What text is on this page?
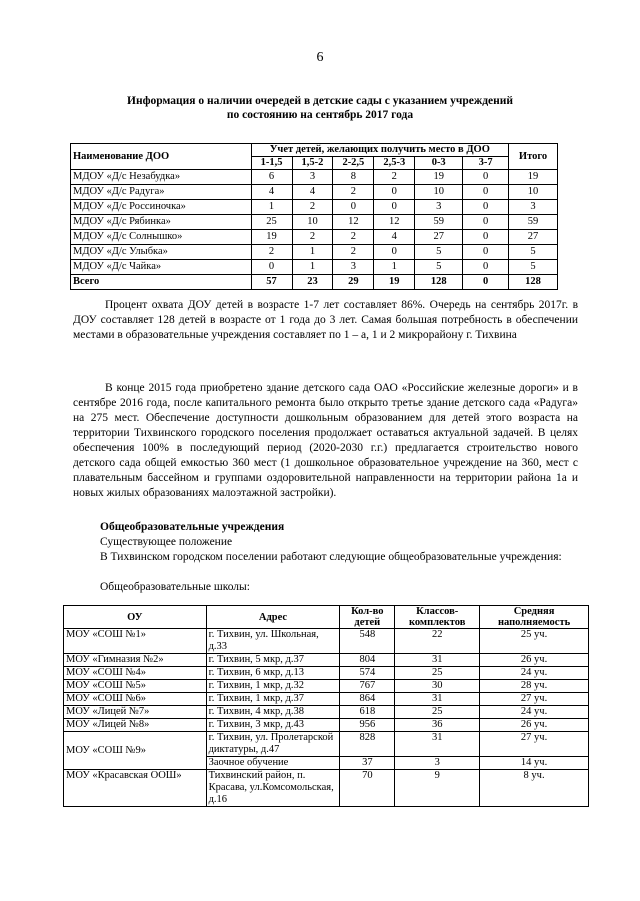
6
Информация о наличии очередей в детские сады с указанием учреждений
по состоянию на сентябрь 2017 года
Наименование ДОО	Учет детей, желающих получить место в ДОО						Итого
	1-1,5	1,5-2	2-2,5	2,5-3	0-3	3-7	
МДОУ «Д/с Незабудка»	6	3	8	2	19	0	19
МДОУ «Д/с Радуга»	4	4	2	0	10	0	10
МДОУ «Д/с Россиночка»	1	2	0	0	3	0	3
МДОУ «Д/с Рябинка»	25	10	12	12	59	0	59
МДОУ «Д/с Солнышко»	19	2	2	4	27	0	27
МДОУ «Д/с Улыбка»	2	1	2	0	5	0	5
МДОУ «Д/с Чайка»	0	1	3	1	5	0	5
Всего	57	23	29	19	128	0	128

Процент охвата ДОУ детей в возрасте 1-7 лет составляет 86%. Очередь на сентябрь 2017г. в ДОУ составляет 128 детей в возрасте от 1 года до 3 лет. Самая большая потребность в обеспечении местами в образовательные учреждения составляет по 1 – а, 1 и 2 микрорайону г. Тихвина

В конце 2015 года приобретено здание детского сада ОАО «Российские железные дороги» и в сентябре 2016 года, после капитального ремонта было открыто третье здание детского сада «Радуга» на 275 мест. Обеспечение доступности дошкольным образованием для детей этого возраста на территории Тихвинского городского поселения продолжает оставаться актуальной задачей. В целях обеспечения 100% в последующий период (2020-2030 г.г.) предлагается строительство нового детского сада общей емкостью 360 мест (1 дошкольное образовательное учреждение на 360, мест с плавательным бассейном и группами оздоровительной направленности на территории района 1а и новых жилых образованиях малоэтажной застройки).

Общеобразовательные учреждения

Существующее положение

В Тихвинском городском поселении работают следующие общеобразовательные учреждения:

Общеобразовательные школы:

ОУ	Адрес	Кол-во детей	Классов-комплектов	Средняя наполняемость
МОУ «СОШ №1»	г. Тихвин, ул. Школьная, д.33	548	22	25 уч.
МОУ «Гимназия №2»	г. Тихвин, 5 мкр, д.37	804	31	26 уч.
МОУ «СОШ №4»	г. Тихвин, 6 мкр, д.13	574	25	24 уч.
МОУ «СОШ №5»	г. Тихвин, 1 мкр, д.32	767	30	28 уч.
МОУ «СОШ №6»	г. Тихвин, 1 мкр, д.37	864	31	27 уч.
МОУ «Лицей №7»	г. Тихвин, 4 мкр, д.38	618	25	24 уч.
МОУ «Лицей №8»	г. Тихвин, 3 мкр, д.43	956	36	26 уч.
МОУ «СОШ №9»	г. Тихвин, ул. Пролетарской диктатуры, д.47	828	31	27 уч.
	Заочное обучение	37	3	14 уч.
МОУ «Красавская ООШ»	Тихвинский район, п. Красава, ул.Комсомольская, д.16	70	9	8 уч.
